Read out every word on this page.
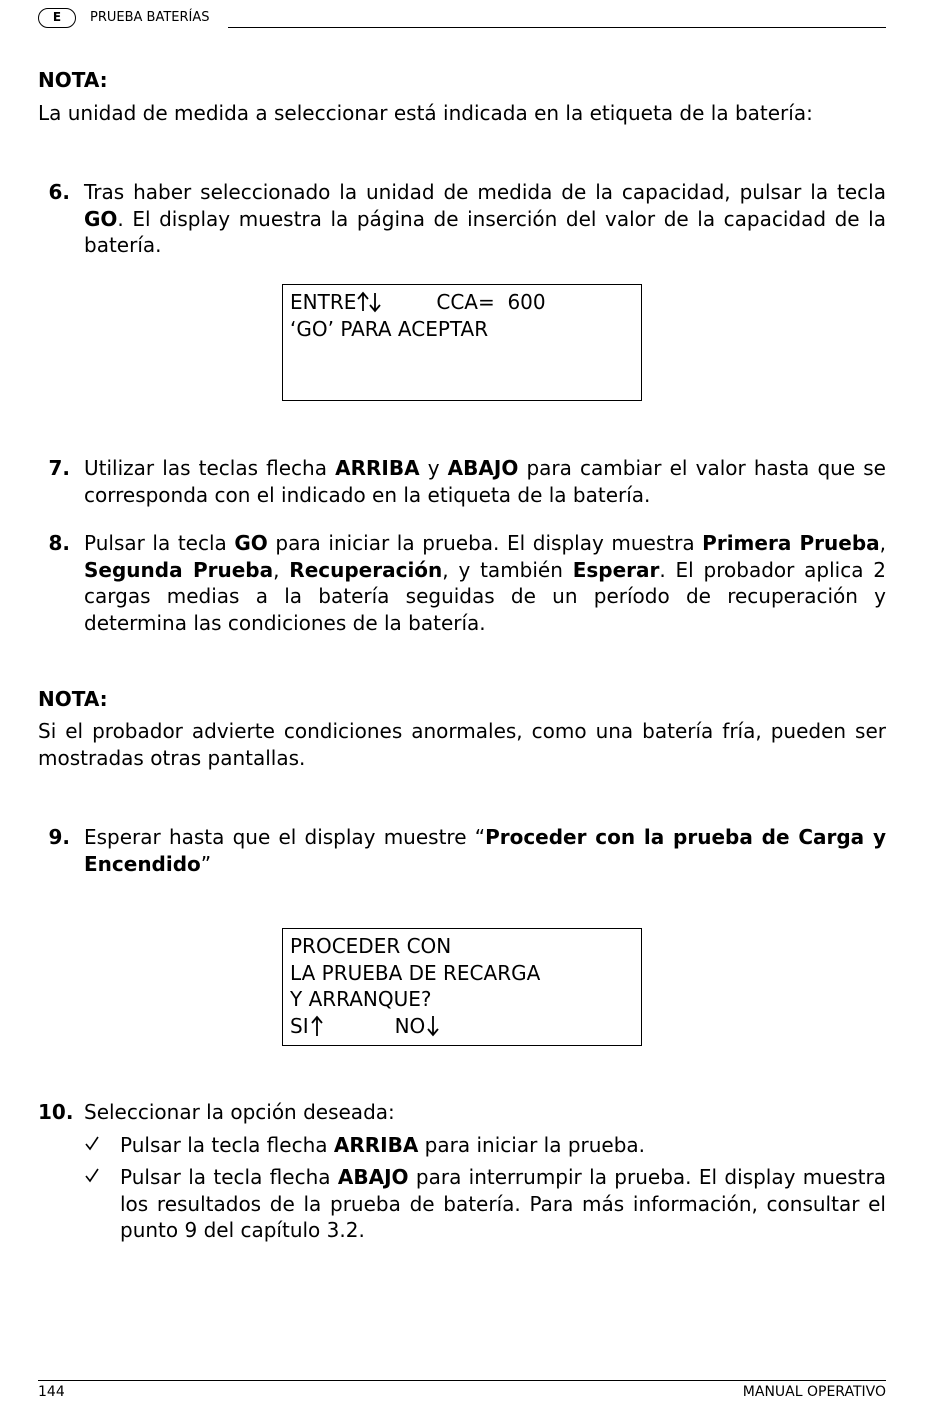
E	PRUEBA BATERÍAS
NOTA:
La unidad de medida a seleccionar está indicada en la etiqueta de la batería:
6. Tras haber seleccionado la unidad de medida de la capacidad, pulsar la tecla GO. El display muestra la página de inserción del valor de la capacidad de la batería.
ENTRE	CCA=  600
‘GO’ PARA ACEPTAR
7. Utilizar las teclas flecha ARRIBA y ABAJO para cambiar el valor hasta que se corresponda con el indicado en la etiqueta de la batería.
8. Pulsar la tecla GO para iniciar la prueba. El display muestra Primera Prueba, Segunda Prueba, Recuperación, y también Esperar. El probador aplica 2 cargas medias a la batería seguidas de un período de recuperación y determina las condiciones de la batería.
NOTA:
Si el probador advierte condiciones anormales, como una batería fría, pueden ser mostradas otras pantallas.
9. Esperar hasta que el display muestre “Proceder con la prueba de Carga y Encendido”
PROCEDER CON
LA PRUEBA DE RECARGA
Y ARRANQUE?
SI	NO
10. Seleccionar la opción deseada:
Pulsar la tecla flecha ARRIBA para iniciar la prueba.
Pulsar la tecla flecha ABAJO para interrumpir la prueba. El display muestra los resultados de la prueba de batería. Para más información, consultar el punto 9 del capítulo 3.2.
144	MANUAL OPERATIVO
